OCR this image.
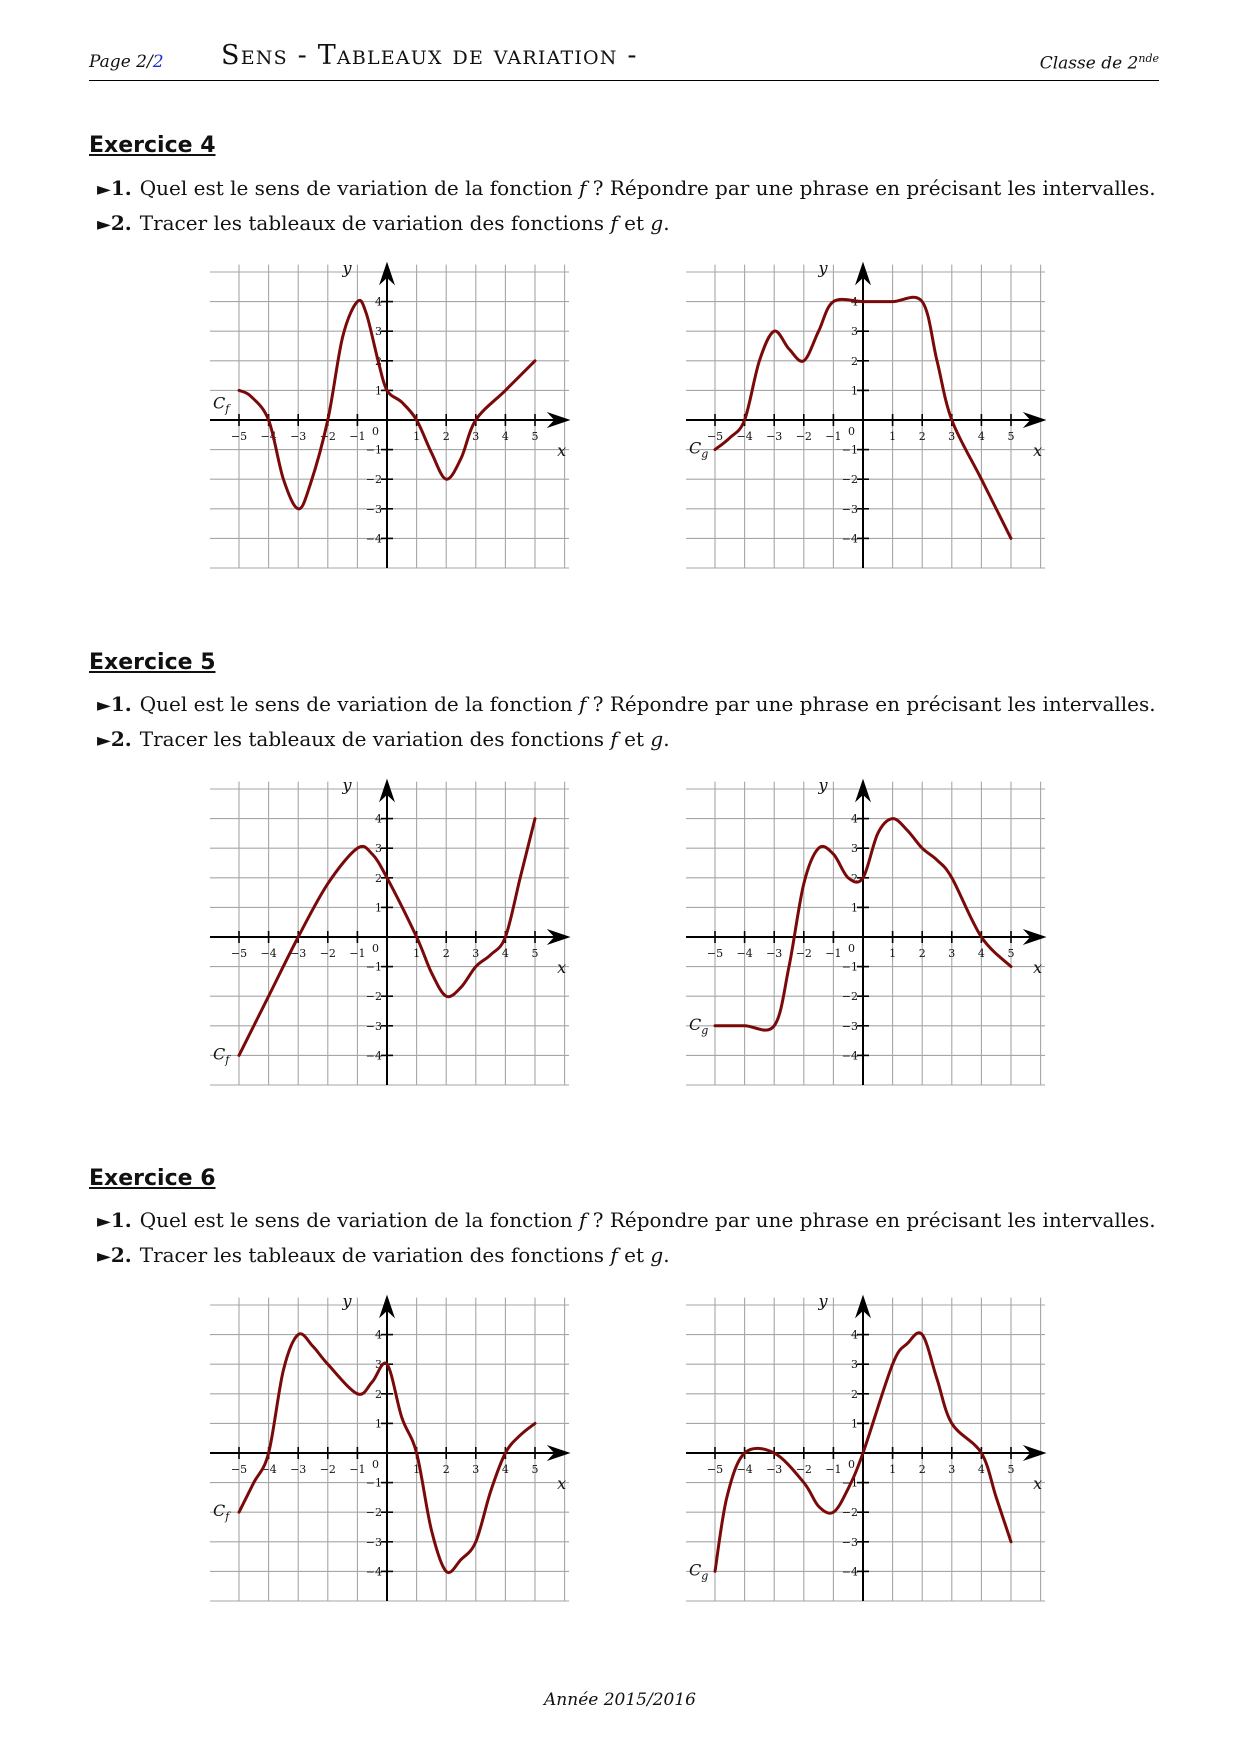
Page 2/2 Sens - Tableaux de variation -	Classe de 2nde
Exercice 4
►1. Quel est le sens de variation de la fonction f ? Répondre par une phrase en précisant les intervalles.
►2. Tracer les tableaux de variation des fonctions f et g.
Exercice 5
►1. Quel est le sens de variation de la fonction f ? Répondre par une phrase en précisant les intervalles.
►2. Tracer les tableaux de variation des fonctions f et g.
Exercice 6
►1. Quel est le sens de variation de la fonction f ? Répondre par une phrase en précisant les intervalles.
►2. Tracer les tableaux de variation des fonctions f et g.
−5 −4 −3 −2 −1	1 2 3 4 5
−4
−3
−2
−1
1
2
3
4
0
x
y
$C_f$
−5 −4 −3 −2 −1	1 2 3 4 5
−4
−3
−2
−1
1
2
3
4
0
x
y
$C_g$
−5 −4 −3 −2 −1	1 2 3 4 5
−4
−3
−2
−1
1
2
3
4
0
x
y
$C_f$
−5 −4 −3 −2 −1	1 2 3 4 5
−4
−3
−2
−1
1
2
3
4
0
x
y
$C_g$
−5 −4 −3 −2 −1	1 2 3 4 5
−4
−3
−2
−1
1
2
3
4
0
x
y
$C_f$
−5 −4 −3 −2 −1	1 2 3 4 5
−4
−3
−2
−1
1
2
3
4
0
x
y
$C_g$
Année 2015/2016
